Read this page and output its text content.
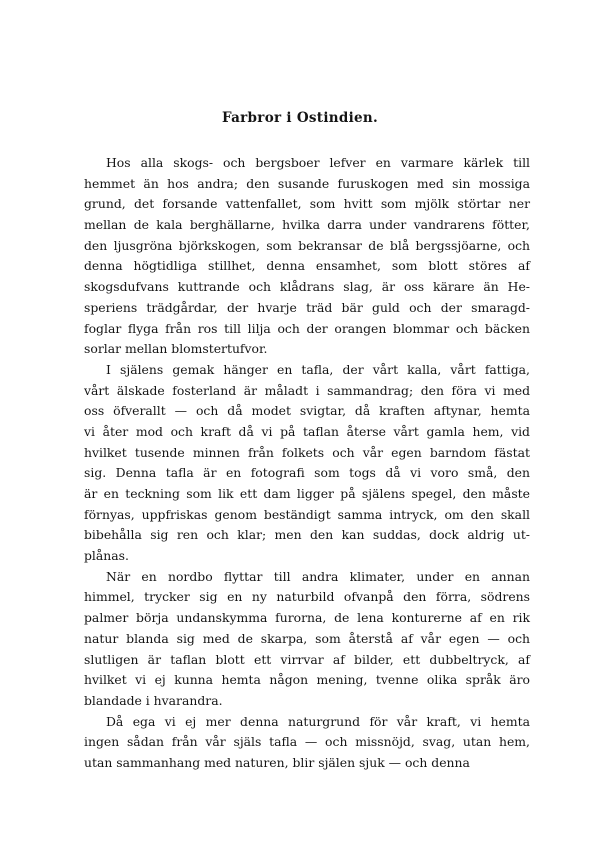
Farbror i Ostindien.
Hos alla skogs- och bergsboer lefver en varmare kärlek till
hemmet än hos andra; den susande furuskogen med sin mossiga
grund, det forsande vattenfallet, som hvitt som mjölk störtar ner
mellan de kala berghällarne, hvilka darra under vandrarens fötter,
den ljusgröna björkskogen, som bekransar de blå bergssjöarne, och
denna högtidliga stillhet, denna ensamhet, som blott störes af
skogsdufvans kuttrande och klådrans slag, är oss kärare än He-
speriens trädgårdar, der hvarje träd bär guld och der smaragd-
foglar flyga från ros till lilja och der orangen blommar och bäcken
sorlar mellan blomstertufvor.
I själens gemak hänger en tafla, der vårt kalla, vårt fattiga,
vårt älskade fosterland är måladt i sammandrag; den föra vi med
oss öfverallt — och då modet svigtar, då kraften aftynar, hemta
vi åter mod och kraft då vi på taflan återse vårt gamla hem, vid
hvilket tusende minnen från folkets och vår egen barndom fästat
sig. Denna tafla är en fotografi som togs då vi voro små, den
är en teckning som lik ett dam ligger på själens spegel, den måste
förnyas, uppfriskas genom beständigt samma intryck, om den skall
bibehålla sig ren och klar; men den kan suddas, dock aldrig ut-
plånas.
När en nordbo flyttar till andra klimater, under en annan
himmel, trycker sig en ny naturbild ofvanpå den förra, södrens
palmer börja undanskymma furorna, de lena konturerne af en rik
natur blanda sig med de skarpa, som återstå af vår egen — och
slutligen är taflan blott ett virrvar af bilder, ett dubbeltryck, af
hvilket vi ej kunna hemta någon mening, tvenne olika språk äro
blandade i hvarandra.
Då ega vi ej mer denna naturgrund för vår kraft, vi hemta
ingen sådan från vår själs tafla — och missnöjd, svag, utan hem,
utan sammanhang med naturen, blir själen sjuk — och denna
